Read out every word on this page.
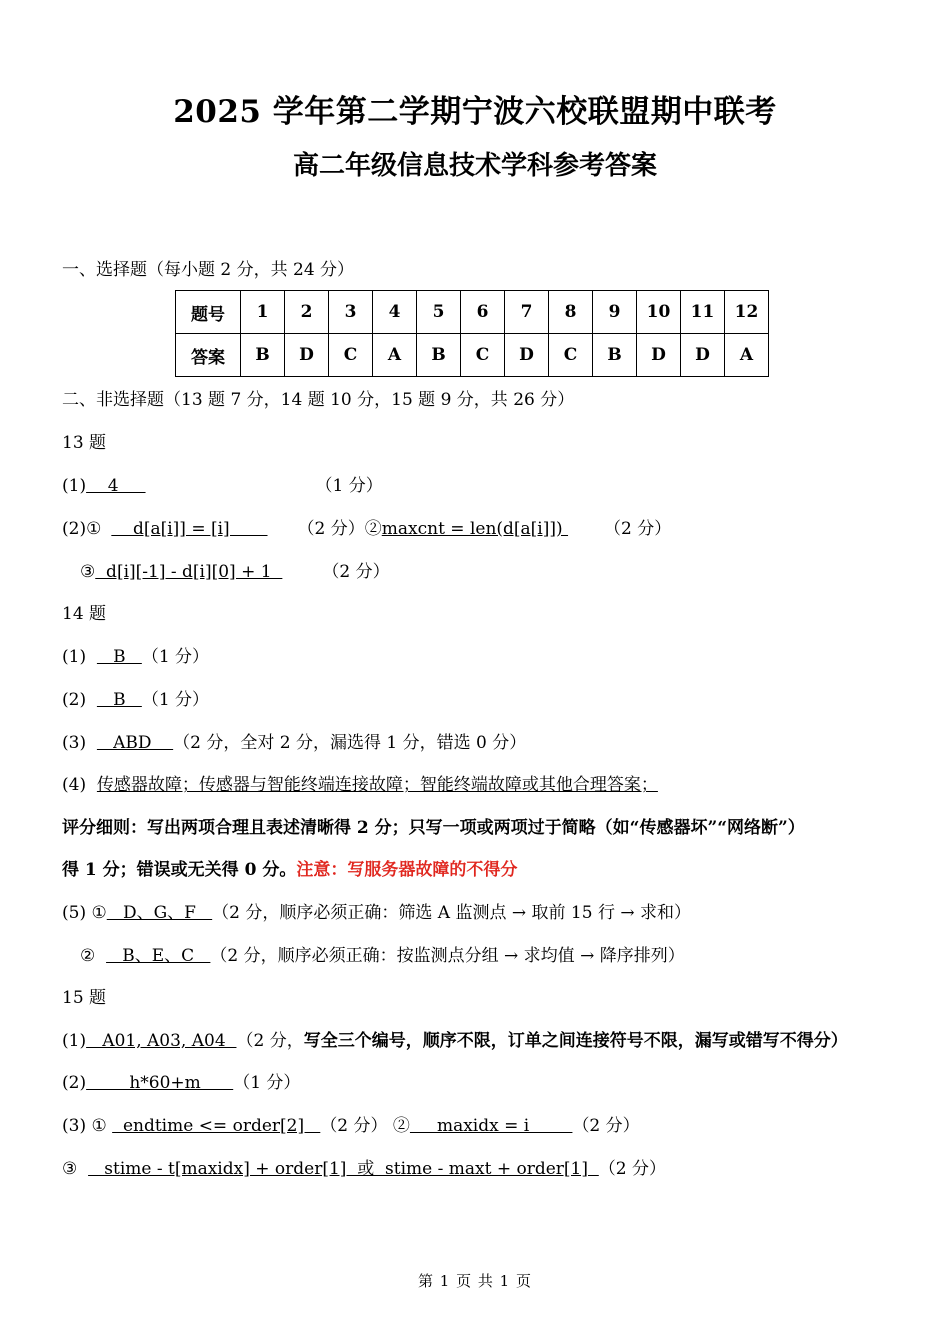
2025 学年第二学期宁波六校联盟期中联考
高二年级信息技术学科参考答案
一、选择题（每小题 2 分，共 24 分）
题号	1	2	3	4	5	6	7	8	9	10	11	12
答案	B	D	C	A	B	C	D	C	B	D	D	A
二、非选择题（13 题 7 分，14 题 10 分，15 题 9 分，共 26 分）
13 题
(1)    4	（1 分）
(2)①    d[a[i]] = [i]       （2 分）②maxcnt = len(d[a[i]]) （2 分）
③  d[i][-1] - d[i][0] + 1  （2 分）
14 题
(1)     B   （1 分）
(2)     B   （1 分）
(3)     ABD    （2 分，全对 2 分，漏选得 1 分，错选 0 分）
(4) 传感器故障；传感器与智能终端连接故障；智能终端故障或其他合理答案；
评分细则：写出两项合理且表述清晰得 2 分；只写一项或两项过于简略（如“传感器坏”“网络断”）
得 1 分；错误或无关得 0 分。注意：写服务器故障的不得分
(5) ①   D、G、F   （2 分，顺序必须正确：筛选 A 监测点 → 取前 15 行 → 求和）
②     B、E、C   （2 分，顺序必须正确：按监测点分组 → 求均值 → 降序排列）
15 题
(1)   A01, A03, A04  （2 分，写全三个编号，顺序不限，订单之间连接符号不限，漏写或错写不得分）
(2)        h*60+m      （1 分）
(3) ①   endtime <= order[2]   （2 分） ②     maxidx = i        （2 分）
③     stime - t[maxidx] + order[1]  或  stime - maxt + order[1]  （2 分）
第 1 页 共 1 页
